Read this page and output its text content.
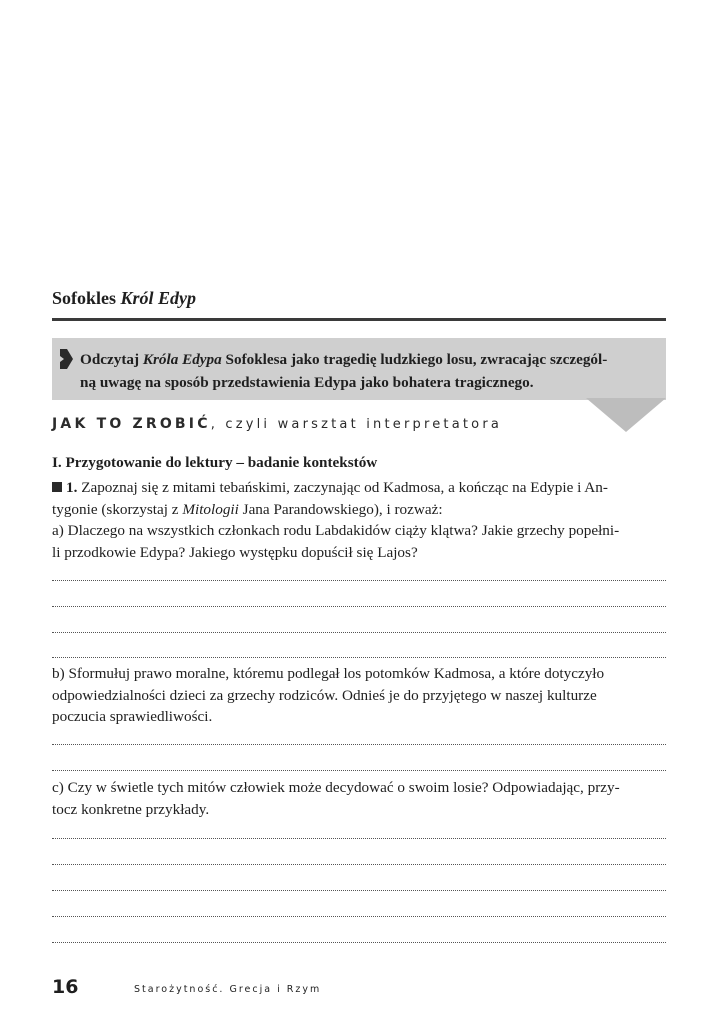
Sofokles Król Edyp
Odczytaj Króla Edypa Sofoklesa jako tragedię ludzkiego losu, zwracając szczegól-
ną uwagę na sposób przedstawienia Edypa jako bohatera tragicznego.
JAK TO ZROBIĆ, czyli warsztat interpretatora
I. Przygotowanie do lektury – badanie kontekstów
1. Zapoznaj się z mitami tebańskimi, zaczynając od Kadmosa, a kończąc na Edypie i An-
tygonie (skorzystaj z Mitologii Jana Parandowskiego), i rozważ:
a) Dlaczego na wszystkich członkach rodu Labdakidów ciąży klątwa? Jakie grzechy popełni-
li przodkowie Edypa? Jakiego występku dopuścił się Lajos?
b) Sformułuj prawo moralne, któremu podlegał los potomków Kadmosa, a które dotyczyło
odpowiedzialności dzieci za grzechy rodziców. Odnieś je do przyjętego w naszej kulturze
poczucia sprawiedliwości.
c) Czy w świetle tych mitów człowiek może decydować o swoim losie? Odpowiadając, przy-
tocz konkretne przykłady.
16	Starożytność. Grecja i Rzym
